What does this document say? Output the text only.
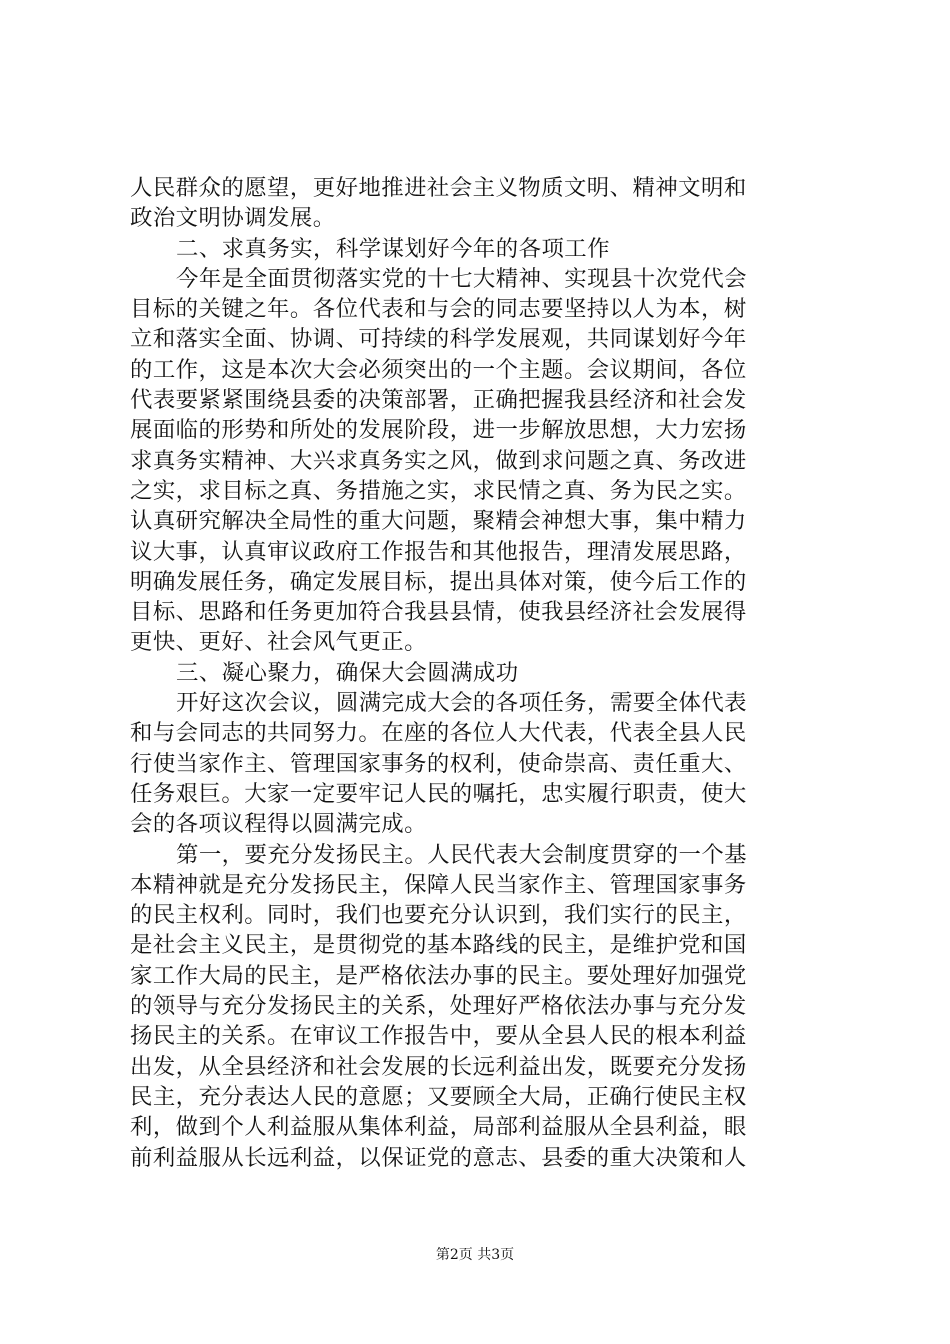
人民群众的愿望，更好地推进社会主义物质文明、精神文明和
政治文明协调发展。
二、求真务实，科学谋划好今年的各项工作
今年是全面贯彻落实党的十七大精神、实现县十次党代会
目标的关键之年。各位代表和与会的同志要坚持以人为本，树
立和落实全面、协调、可持续的科学发展观，共同谋划好今年
的工作，这是本次大会必须突出的一个主题。会议期间，各位
代表要紧紧围绕县委的决策部署，正确把握我县经济和社会发
展面临的形势和所处的发展阶段，进一步解放思想，大力宏扬
求真务实精神、大兴求真务实之风，做到求问题之真、务改进
之实，求目标之真、务措施之实，求民情之真、务为民之实。
认真研究解决全局性的重大问题，聚精会神想大事，集中精力
议大事，认真审议政府工作报告和其他报告，理清发展思路，
明确发展任务，确定发展目标，提出具体对策，使今后工作的
目标、思路和任务更加符合我县县情，使我县经济社会发展得
更快、更好、社会风气更正。
三、凝心聚力，确保大会圆满成功
开好这次会议，圆满完成大会的各项任务，需要全体代表
和与会同志的共同努力。在座的各位人大代表，代表全县人民
行使当家作主、管理国家事务的权利，使命崇高、责任重大、
任务艰巨。大家一定要牢记人民的嘱托，忠实履行职责，使大
会的各项议程得以圆满完成。
第一，要充分发扬民主。人民代表大会制度贯穿的一个基
本精神就是充分发扬民主，保障人民当家作主、管理国家事务
的民主权利。同时，我们也要充分认识到，我们实行的民主，
是社会主义民主，是贯彻党的基本路线的民主，是维护党和国
家工作大局的民主，是严格依法办事的民主。要处理好加强党
的领导与充分发扬民主的关系，处理好严格依法办事与充分发
扬民主的关系。在审议工作报告中，要从全县人民的根本利益
出发，从全县经济和社会发展的长远利益出发，既要充分发扬
民主，充分表达人民的意愿；又要顾全大局，正确行使民主权
利，做到个人利益服从集体利益，局部利益服从全县利益，眼
前利益服从长远利益，以保证党的意志、县委的重大决策和人
第2页 共3页
